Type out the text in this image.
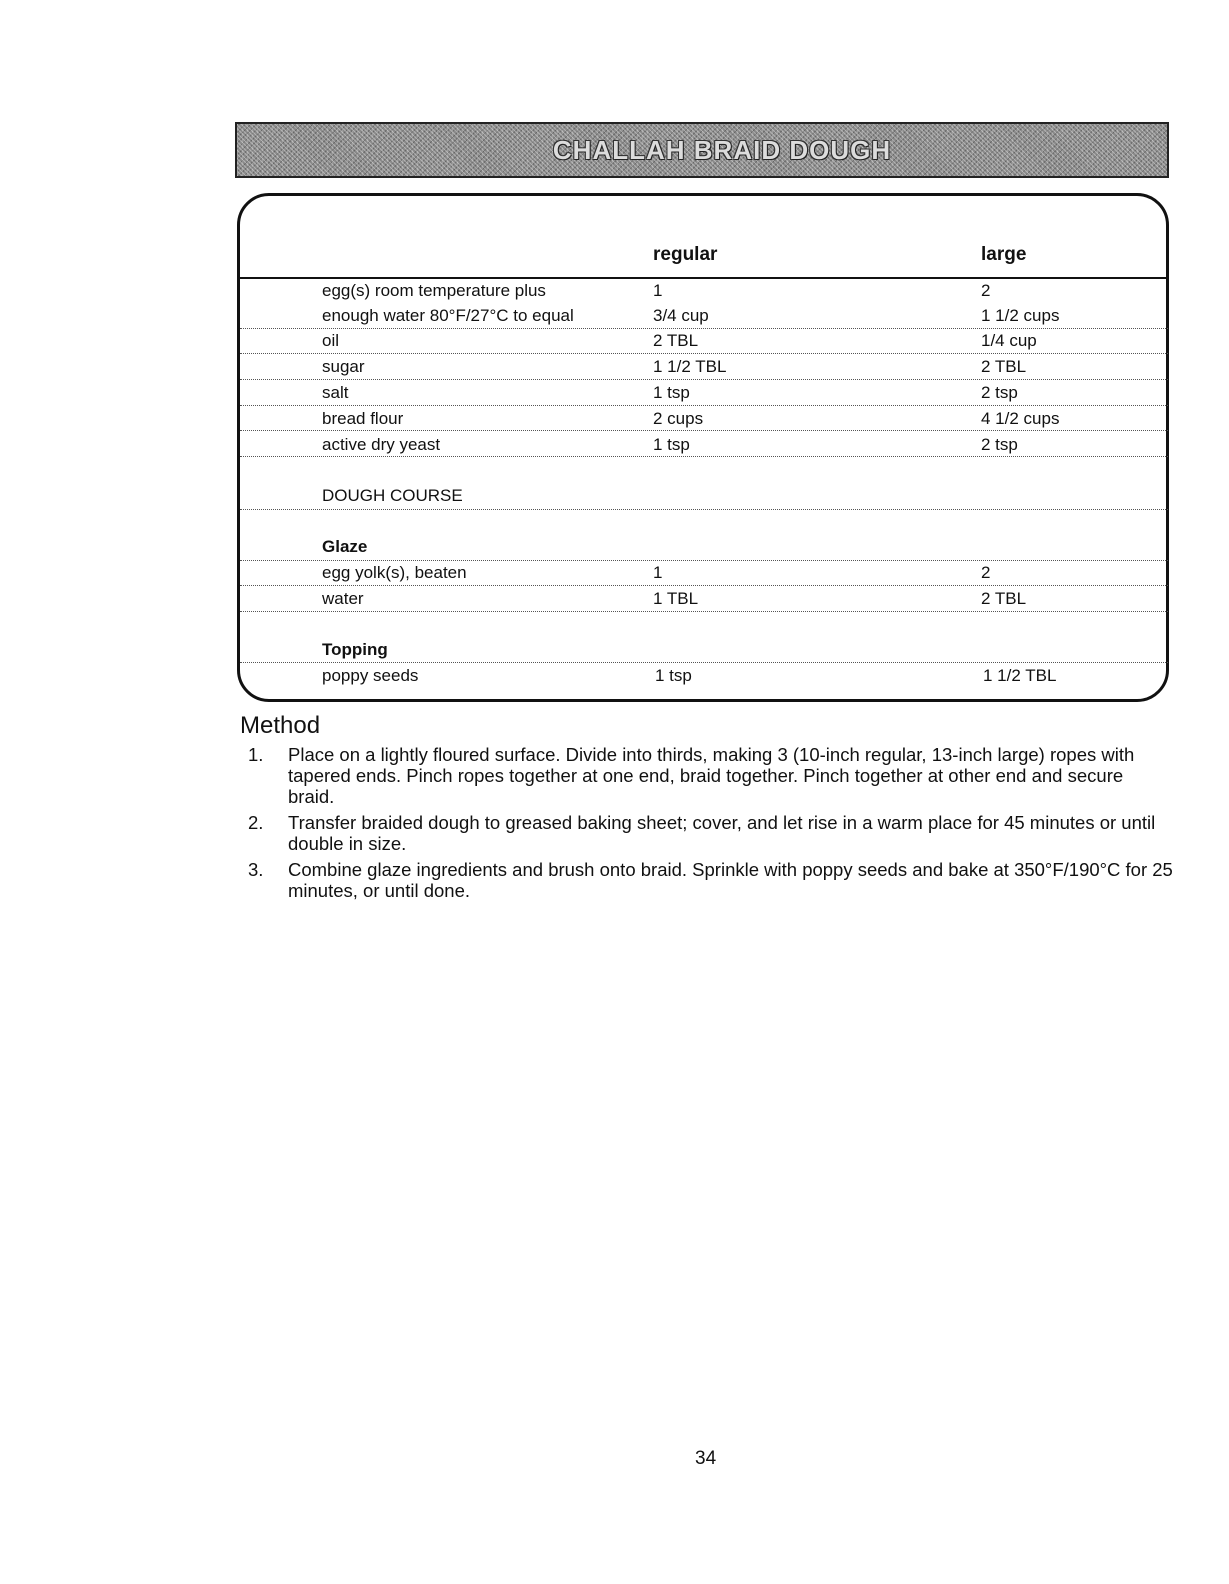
CHALLAH BRAID DOUGH
regular	large
egg(s) room temperature plus	1	2
enough water 80°F/27°C to equal	3/4 cup	1 1/2 cups
oil	2 TBL	1/4 cup
sugar	1 1/2 TBL	2 TBL
salt	1 tsp	2 tsp
bread flour	2 cups	4 1/2 cups
active dry yeast	1 tsp	2 tsp
DOUGH COURSE
Glaze
egg yolk(s), beaten	1	2
water	1 TBL	2 TBL
Topping
poppy seeds	1 tsp	1 1/2 TBL
Method
1. Place on a lightly floured surface. Divide into thirds, making 3 (10-inch regular, 13-inch large) ropes with tapered ends. Pinch ropes together at one end, braid together. Pinch together at other end and secure braid.
2. Transfer braided dough to greased baking sheet; cover, and let rise in a warm place for 45 minutes or until double in size.
3. Combine glaze ingredients and brush onto braid. Sprinkle with poppy seeds and bake at 350°F/190°C for 25 minutes, or until done.
34
